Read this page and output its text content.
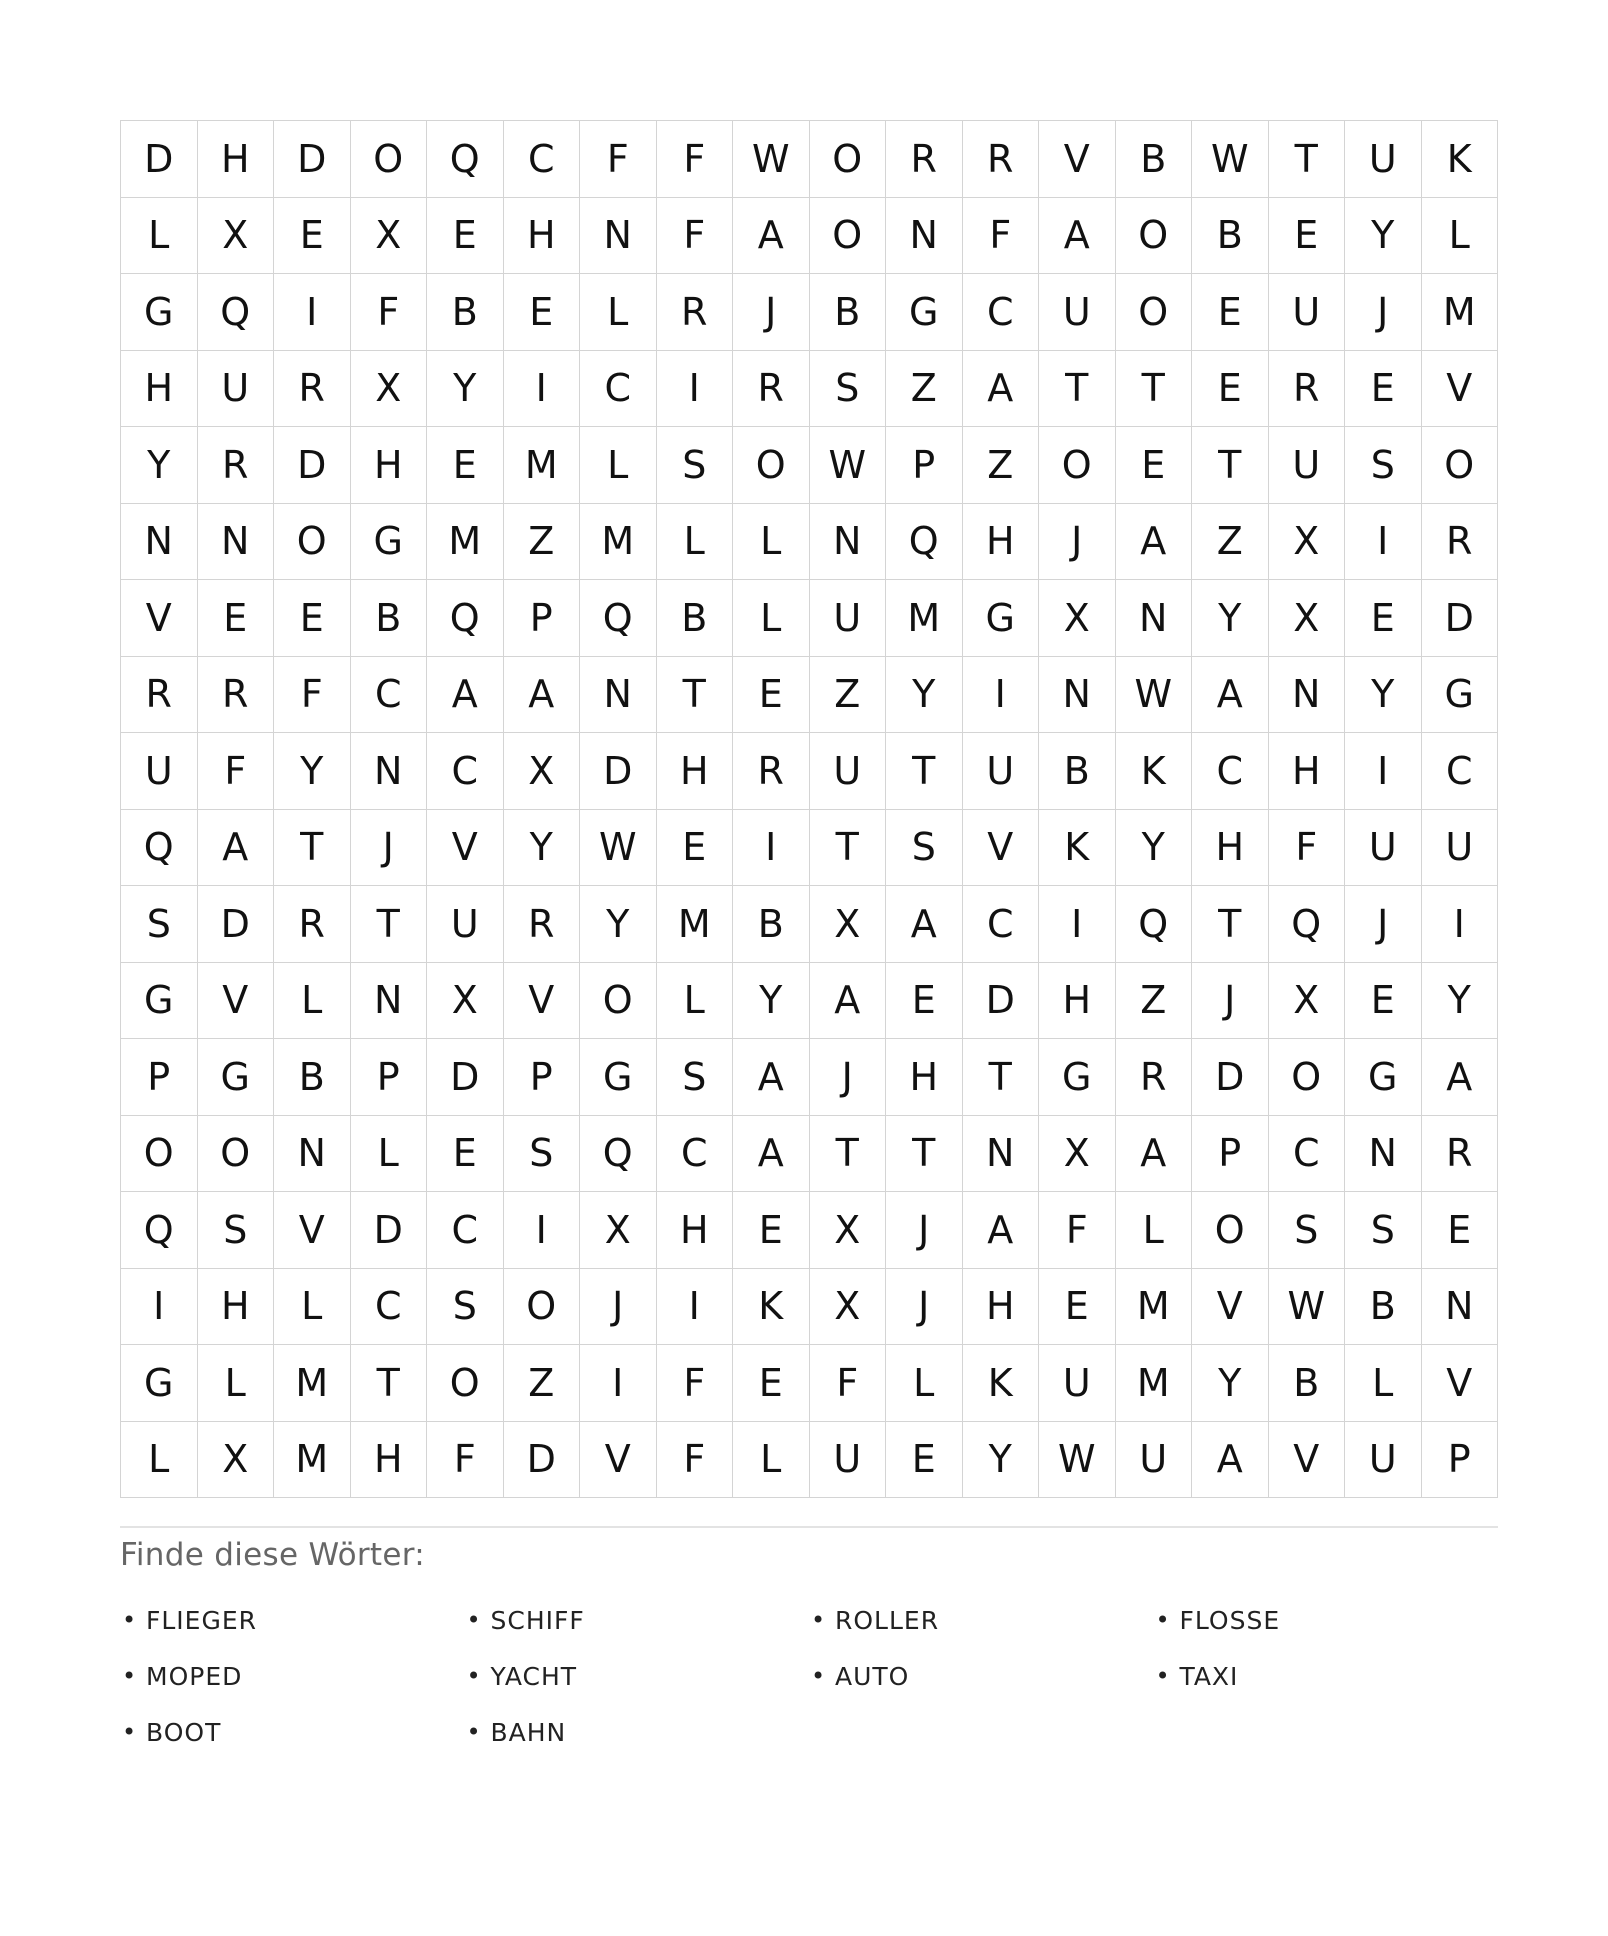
D	H	D	O	Q	C	F	F	W	O	R	R	V	B	W	T	U	K
L	X	E	X	E	H	N	F	A	O	N	F	A	O	B	E	Y	L
G	Q	I	F	B	E	L	R	J	B	G	C	U	O	E	U	J	M
H	U	R	X	Y	I	C	I	R	S	Z	A	T	T	E	R	E	V
Y	R	D	H	E	M	L	S	O	W	P	Z	O	E	T	U	S	O
N	N	O	G	M	Z	M	L	L	N	Q	H	J	A	Z	X	I	R
V	E	E	B	Q	P	Q	B	L	U	M	G	X	N	Y	X	E	D
R	R	F	C	A	A	N	T	E	Z	Y	I	N	W	A	N	Y	G
U	F	Y	N	C	X	D	H	R	U	T	U	B	K	C	H	I	C
Q	A	T	J	V	Y	W	E	I	T	S	V	K	Y	H	F	U	U
S	D	R	T	U	R	Y	M	B	X	A	C	I	Q	T	Q	J	I
G	V	L	N	X	V	O	L	Y	A	E	D	H	Z	J	X	E	Y
P	G	B	P	D	P	G	S	A	J	H	T	G	R	D	O	G	A
O	O	N	L	E	S	Q	C	A	T	T	N	X	A	P	C	N	R
Q	S	V	D	C	I	X	H	E	X	J	A	F	L	O	S	S	E
I	H	L	C	S	O	J	I	K	X	J	H	E	M	V	W	B	N
G	L	M	T	O	Z	I	F	E	F	L	K	U	M	Y	B	L	V
L	X	M	H	F	D	V	F	L	U	E	Y	W	U	A	V	U	P
Finde diese Wörter:
• FLIEGER	• SCHIFF	• ROLLER	• FLOSSE
• MOPED	• YACHT	• AUTO	• TAXI
• BOOT	• BAHN
